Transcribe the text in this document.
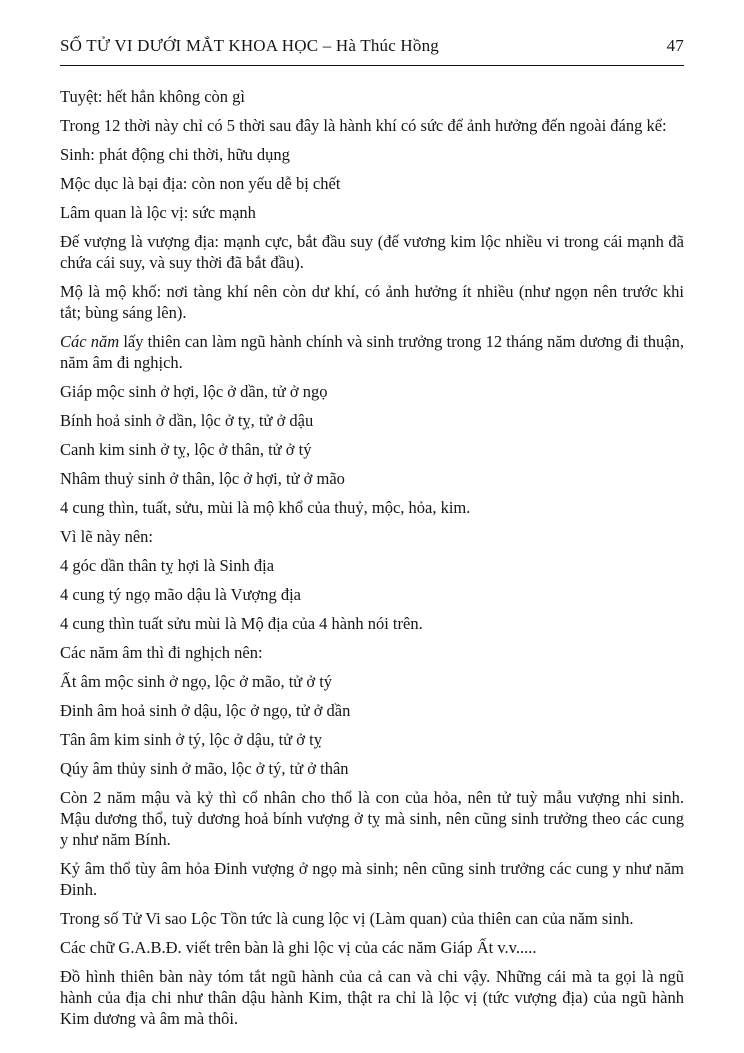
SỐ TỬ VI DƯỚI MẮT KHOA HỌC – Hà Thúc Hồng	47

Tuyệt: hết hẳn không còn gì

Trong 12 thời này chỉ có 5 thời sau đây là hành khí có sức để ảnh hưởng đến ngoài đáng kể:

Sinh: phát động chi thời, hữu dụng

Mộc dục là bại địa: còn non yếu dễ bị chết

Lâm quan là lộc vị: sức mạnh

Đế vượng là vượng địa: mạnh cực, bắt đầu suy (đế vương kim lộc nhiều vi trong cái mạnh đã chứa cái suy, và suy thời đã bắt đầu).

Mộ là mộ khố: nơi tàng khí nên còn dư khí, có ảnh hưởng ít nhiều (như ngọn nên trước khi tắt; bùng sáng lên).

Các năm lấy thiên can làm ngũ hành chính và sinh trưởng trong 12 tháng năm dương đi thuận, năm âm đi nghịch.

Giáp mộc sinh ở hợi, lộc ở dần, tử ở ngọ

Bính hoả sinh ở dần, lộc ở tỵ, tử ở dậu

Canh kim sinh ở tỵ, lộc ở thân, tử ở tý

Nhâm thuỷ sinh ở thân, lộc ở hợi, tử ở mão

4 cung thìn, tuất, sửu, mùi là mộ khổ của thuỷ, mộc, hỏa, kim.

Vì lẽ này nên:

4 góc dần thân tỵ hợi là Sinh địa

4 cung tý ngọ mão dậu là Vượng địa

4 cung thìn tuất sửu mùi là Mộ địa của 4 hành nói trên.

Các năm âm thì đi nghịch nên:

Ất âm mộc sinh ở ngọ, lộc ở mão, tử ở tý

Đinh âm hoả sinh ở dậu, lộc ở ngọ, tử ở dần

Tân âm kim sinh ở tý, lộc ở dậu, tử ở tỵ

Qúy âm thủy sinh ở mão, lộc ở tý, tử ở thân

Còn 2 năm mậu và kỷ thì cổ nhân cho thổ là con của hỏa, nên tử tuỳ mẫu vượng nhi sinh. Mậu dương thổ, tuỳ dương hoả bính vượng ở tỵ mà sinh, nên cũng sinh trưởng theo các cung y như năm Bính.

Kỷ âm thổ tùy âm hỏa Đinh vượng ở ngọ mà sinh; nên cũng sinh trưởng các cung y như năm Đinh.

Trong số Tử Vi sao Lộc Tồn tức là cung lộc vị (Làm quan) của thiên can của năm sinh.

Các chữ G.A.B.Đ. viết trên bàn là ghi lộc vị của các năm Giáp Ất v.v.....

Đồ hình thiên bàn này tóm tắt ngũ hành của cả can và chi vậy. Những cái mà ta gọi là ngũ hành của địa chi như thân dậu hành Kim, thật ra chỉ là lộc vị (tức vượng địa) của ngũ hành Kim dương và âm mà thôi.
